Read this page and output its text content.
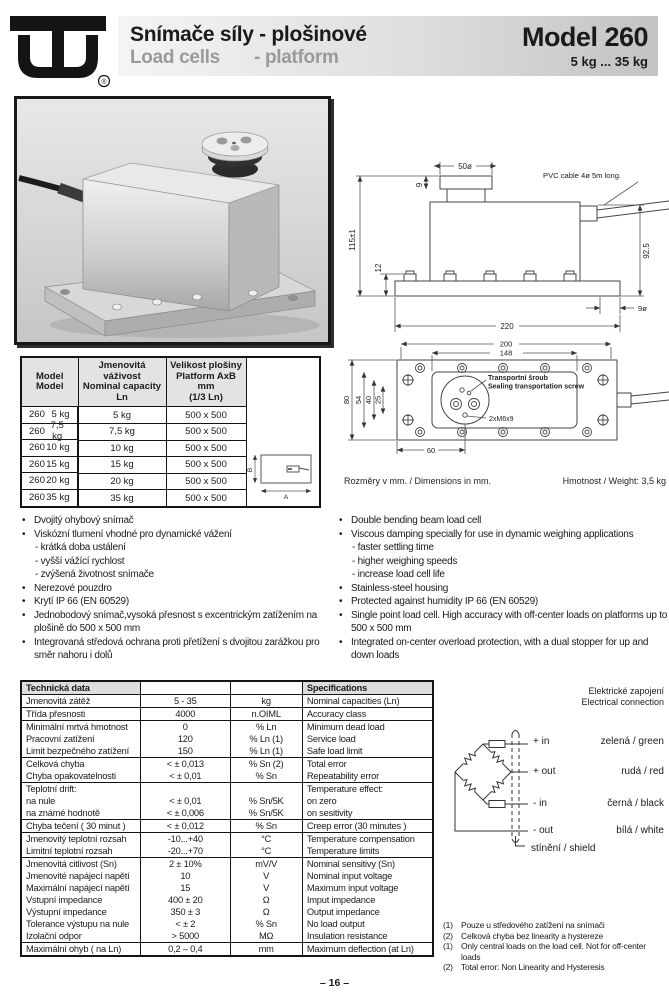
®
Snímače síly - plošinové
Load cells - platform
Model 260
5 kg ... 35 kg
50ø
9
PVC cable 4ø 5m long.
115±1
12
92.5
9ø
220
200
148
80 54 40 25
60
Transportní šroub
Sealing transportation screw
2xM6x9
Rozměry v mm. / Dimensions in mm.	Hmotnost / Weight: 3,5 kg
Model
Model

Jmenovitá váživost
Nominal capacity
Ln

Velikost plošiny
Platform AxB mm
(1/3 Ln)

260 5 kg	5 kg	500 x 500

260 7,5 kg	7,5 kg	500 x 500

260 10 kg	10 kg	500 x 500

260 15 kg	15 kg	500 x 500

260 20 kg	20 kg	500 x 500

260 35 kg	35 kg	500 x 500
B
A
• Dvojitý ohybový snímač
• Viskózní tlumení vhodné pro dynamické vážení
- krátká doba ustálení
- vyšší vážící rychlost
- zvýšená životnost snímače
• Nerezové pouzdro
• Krytí IP 66 (EN 60529)
• Jednobodový snímač,vysoká přesnost s excentrickým zatížením na plošině do 500 x 500 mm
• Integrovaná středová ochrana proti přetížení s dvojitou zarážkou pro směr nahoru i dolů
• Double bending beam load cell
• Viscous damping specially for use in dynamic weighing applications
- faster settling time
- higher weighing speeds
- increase load cell life
• Stainless-steel housing
• Protected against humidity IP 66 (EN 60529)
• Single point load cell. High accuracy with off-center loads on platforms up to 500 x 500 mm
• Integrated on-center overload protection, with a dual stopper for up and down loads
Technická data			Specifications
Jmenovitá zátěž	5 - 35	kg	Nominal capacities (Ln)
Třída přesnosti	4000	n.OIML	Accuracy class
Minimální mrtvá hmotnost	0	% Ln	Minimum dead load
Pracovní zatížení	120	% Ln (1)	Service load
Limit bezpečného zatížení	150	% Ln (1)	Safe load limit
Celková chyba	< ± 0,013	% Sn (2)	Total error
Chyba opakovatelnosti	< ± 0,01	% Sn	Repeatability error
Teplotní drift:			Temperature effect:
na nule	< ± 0,01	% Sn/5K	on zero
na známé hodnotě	< ± 0,006	% Sn/5K	on sesitivity
Chyba tečení ( 30 minut )	< ± 0,012	% Sn	Creep error (30 minutes )
Jmenovitý teplotní rozsah	-10...+40	°C	Temperature compensation
Limitní teplotní rozsah	-20...+70	°C	Temperature limits
Jmenovitá citlivost (Sn)	2 ± 10%	mV/V	Nominal sensitivy (Sn)
Jmenovité napájecí napětí	10	V	Nominal input voltage
Maximální napájecí napětí	15	V	Maximum input voltage
Vstupní impedance	400 ± 20	Ω	Imput impedance
Výstupní impedance	350 ± 3	Ω	Output impedance
Tolerance výstupu na nule	< ± 2	% Sn	No load output
Izolační odpor	> 5000	MΩ	Insulation resistance
Maximální ohyb ( na Ln)	0,2 – 0,4	mm	Maximum deflection (at Ln)
Elektrické zapojení
Electrical connection
+ in	zelená / green
+ out	rudá / red
- in	černá / black
- out	bílá / white
stínění / shield
(1) Pouze u středového zatížení na snímači
(2) Celková chyba bez linearity a hystereze
(1) Only central loads on the load cell. Not for off-center loads
(2) Total error: Non Linearity and Hysteresis
– 16 –
